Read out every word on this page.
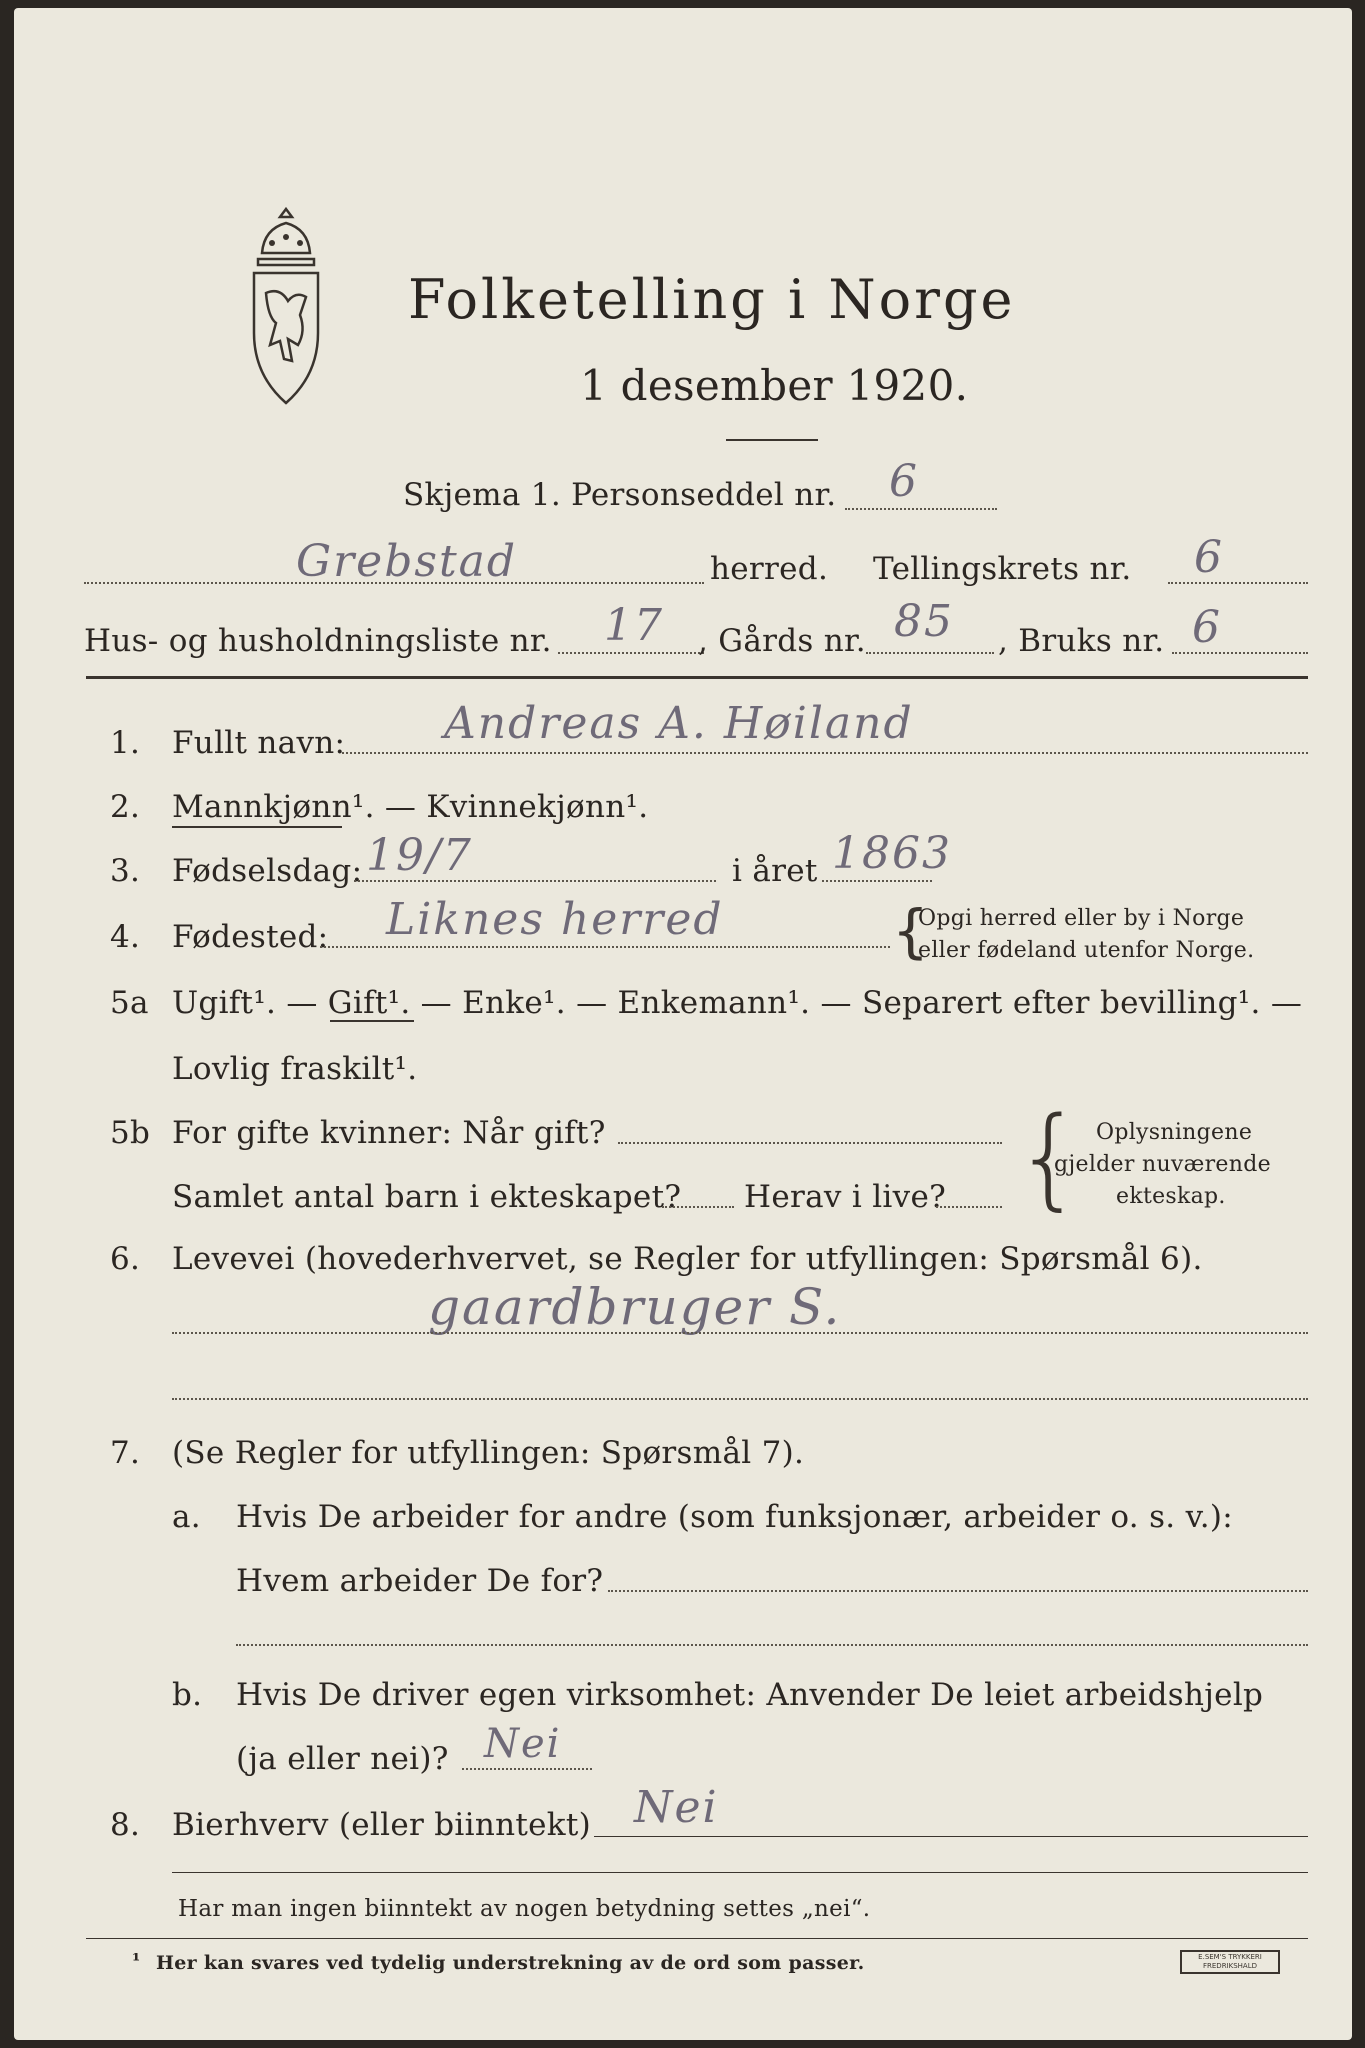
Folketelling i Norge
1 desember 1920.
Skjema 1. Personseddel nr. 6
Grebstad	herred. Tellingskrets nr. 6
Hus- og husholdningsliste nr. 17 , Gårds nr. 85 , Bruks nr. 6
1. Fullt navn: Andreas A. Høiland
2. Mannkjønn¹. — Kvinnekjønn¹.
3. Fødselsdag: 19/7	i året 1863
4. Fødested: Liknes herred	{
Opgi herred eller by i Norge
eller fødeland utenfor Norge.
5a Ugift¹. — Gift¹. — Enke¹. — Enkemann¹. — Separert efter bevilling¹. —
Lovlig fraskilt¹.
5b For gifte kvinner: Når gift?
Samlet antal barn i ekteskapet? Herav i live? { Oplysningene
gjelder nuværende
ekteskap.
6. Levevei (hovederhvervet, se Regler for utfyllingen: Spørsmål 6).
gaardbruger S.
7. (Se Regler for utfyllingen: Spørsmål 7).
a. Hvis De arbeider for andre (som funksjonær, arbeider o. s. v.):
Hvem arbeider De for?
b. Hvis De driver egen virksomhet: Anvender De leiet arbeidshjelp
(ja eller nei)? Nei
8. Bierhverv (eller biinntekt) Nei
Har man ingen biinntekt av nogen betydning settes „nei“.
¹ Her kan svares ved tydelig understrekning av de ord som passer.	E.SEM'S TRYKKERI FREDRIKSHALD
